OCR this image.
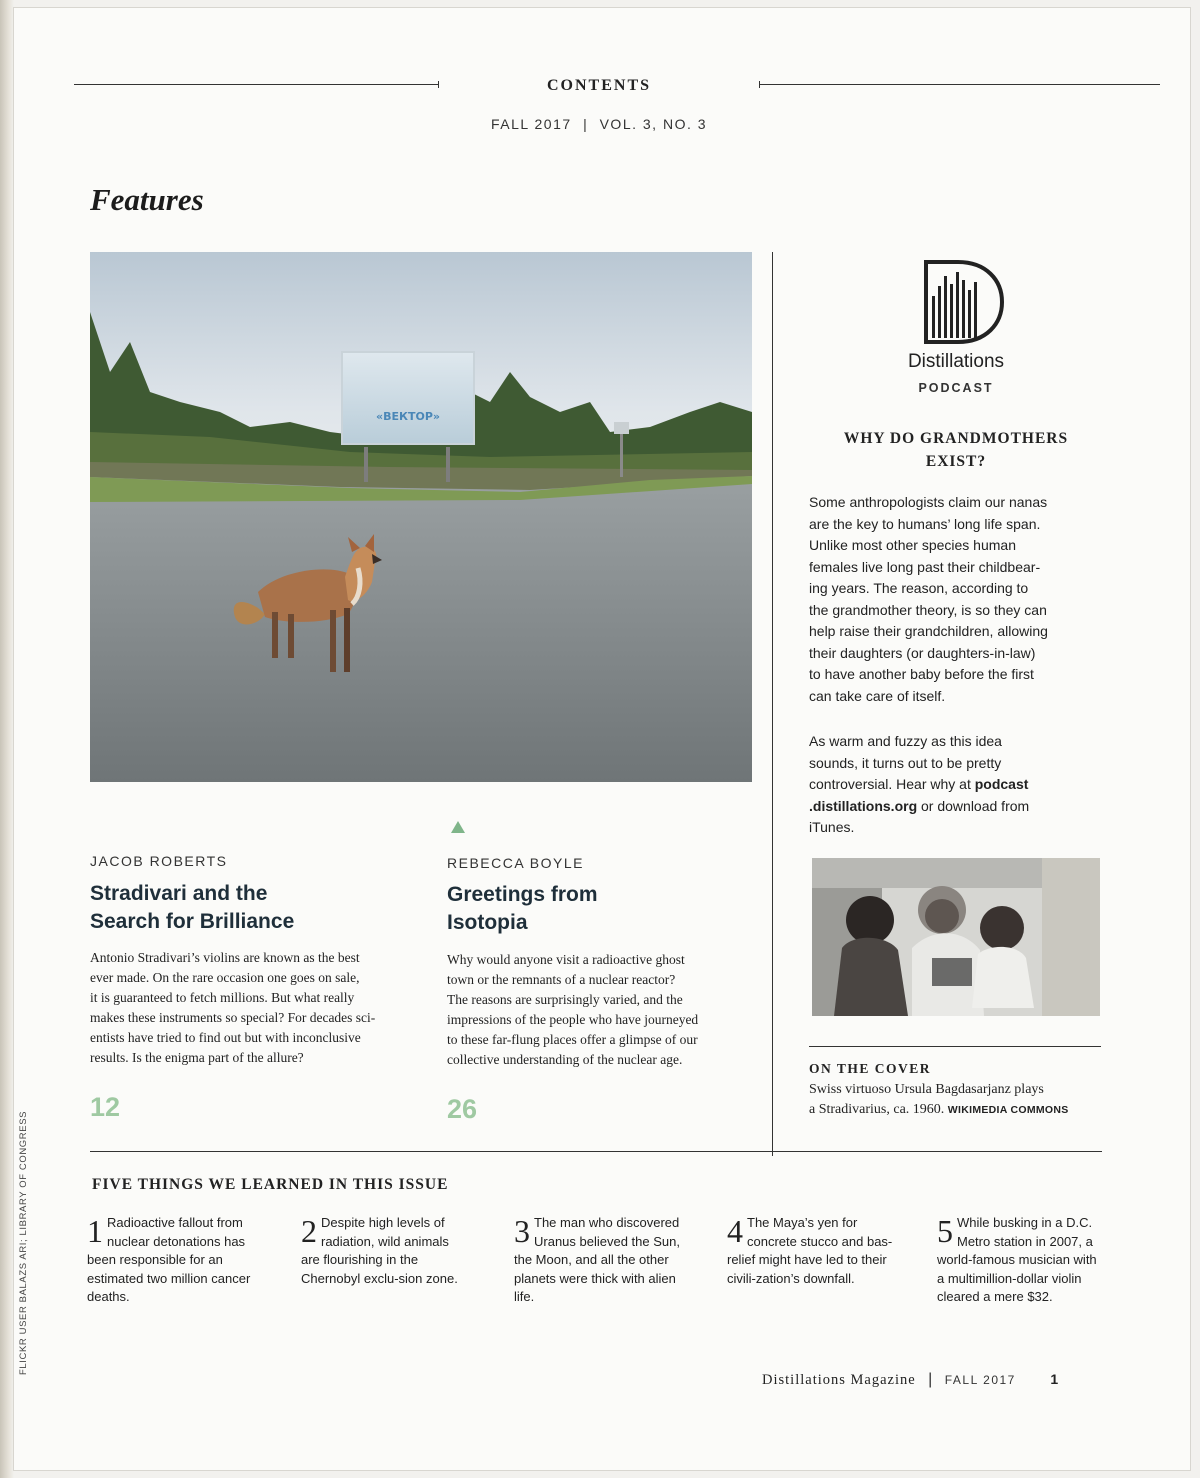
CONTENTS
FALL 2017 | VOL. 3, NO. 3
Features
«ВЕКТОР»
JACOB ROBERTS
Stradivari and the
Search for Brilliance
Antonio Stradivari’s violins are known as the best
ever made. On the rare occasion one goes on sale,
it is guaranteed to fetch millions. But what really
makes these instruments so special? For decades sci-
entists have tried to find out but with inconclusive
results. Is the enigma part of the allure?
12
REBECCA BOYLE
Greetings from
Isotopia
Why would anyone visit a radioactive ghost
town or the remnants of a nuclear reactor?
The reasons are surprisingly varied, and the
impressions of the people who have journeyed
to these far-flung places offer a glimpse of our
collective understanding of the nuclear age.
26
D
Distillations
PODCAST
WHY DO GRANDMOTHERS
EXIST?
Some anthropologists claim our nanas
are the key to humans’ long life span.
Unlike most other species human
females live long past their childbear-
ing years. The reason, according to
the grandmother theory, is so they can
help raise their grandchildren, allowing
their daughters (or daughters-in-law)
to have another baby before the first
can take care of itself.
As warm and fuzzy as this idea
sounds, it turns out to be pretty
controversial. Hear why at podcast
.distillations.org or download from
iTunes.
ON THE COVER
Swiss virtuoso Ursula Bagdasarjanz plays
a Stradivarius, ca. 1960. WIKIMEDIA COMMONS
FIVE THINGS WE LEARNED IN THIS ISSUE
1 Radioactive fallout from nuclear detonations has been responsible for an estimated two million cancer deaths.
2 Despite high levels of radiation, wild animals are flourishing in the Chernobyl exclu-sion zone.
3 The man who discovered Uranus believed the Sun, the Moon, and all the other planets were thick with alien life.
4 The Maya’s yen for concrete stucco and bas-relief might have led to their civili-zation’s downfall.
5 While busking in a D.C. Metro station in 2007, a world-famous musician with a multimillion-dollar violin cleared a mere $32.
Distillations Magazine | FALL 2017 1
FLICKR USER BALAZS ARI; LIBRARY OF CONGRESS
